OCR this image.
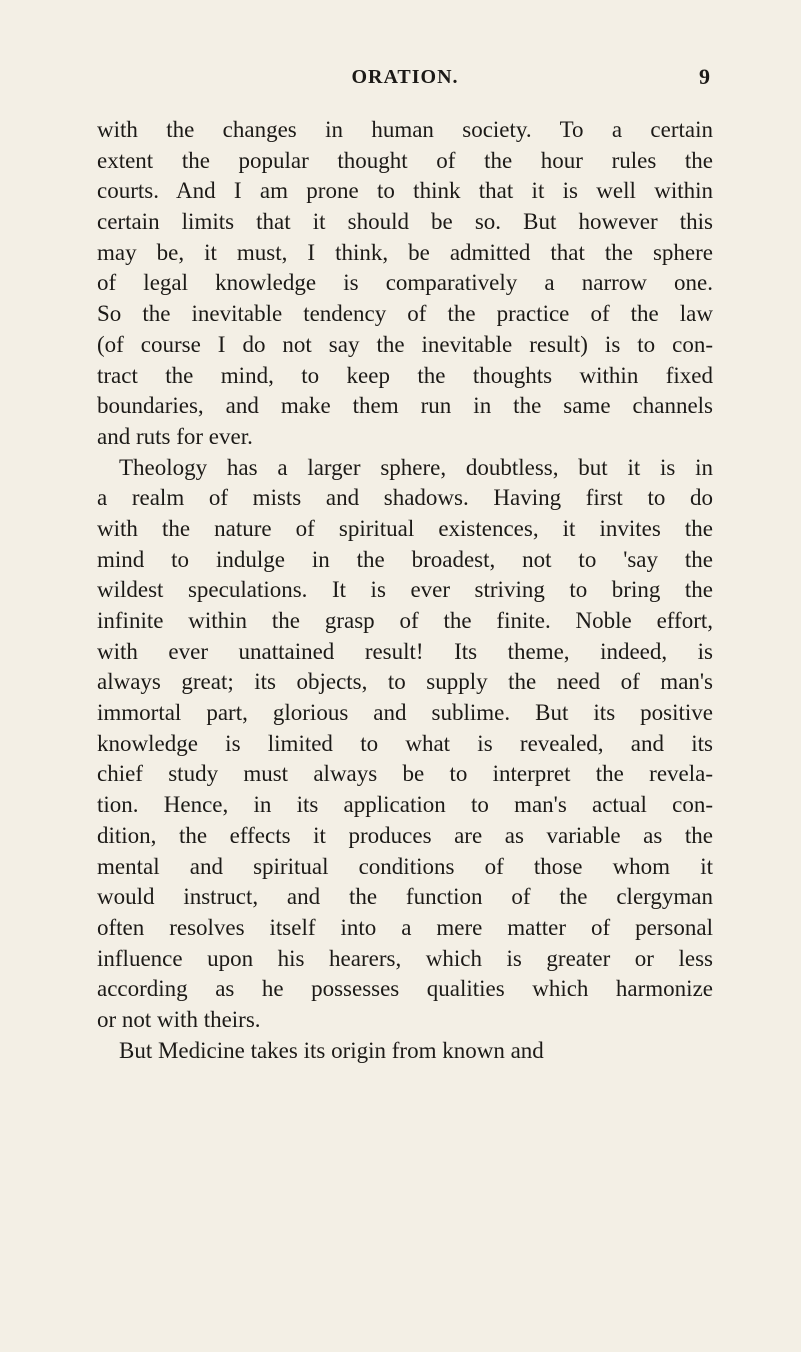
ORATION.	9
with the changes in human society. To a certain
extent the popular thought of the hour rules the
courts. And I am prone to think that it is well within
certain limits that it should be so. But however this
may be, it must, I think, be admitted that the sphere
of legal knowledge is comparatively a narrow one.
So the inevitable tendency of the practice of the law
(of course I do not say the inevitable result) is to con-
tract the mind, to keep the thoughts within fixed
boundaries, and make them run in the same channels
and ruts for ever.
Theology has a larger sphere, doubtless, but it is in
a realm of mists and shadows. Having first to do
with the nature of spiritual existences, it invites the
mind to indulge in the broadest, not to 'say the
wildest speculations. It is ever striving to bring the
infinite within the grasp of the finite. Noble effort,
with ever unattained result! Its theme, indeed, is
always great; its objects, to supply the need of man's
immortal part, glorious and sublime. But its positive
knowledge is limited to what is revealed, and its
chief study must always be to interpret the revela-
tion. Hence, in its application to man's actual con-
dition, the effects it produces are as variable as the
mental and spiritual conditions of those whom it
would instruct, and the function of the clergyman
often resolves itself into a mere matter of personal
influence upon his hearers, which is greater or less
according as he possesses qualities which harmonize
or not with theirs.
But Medicine takes its origin from known and
